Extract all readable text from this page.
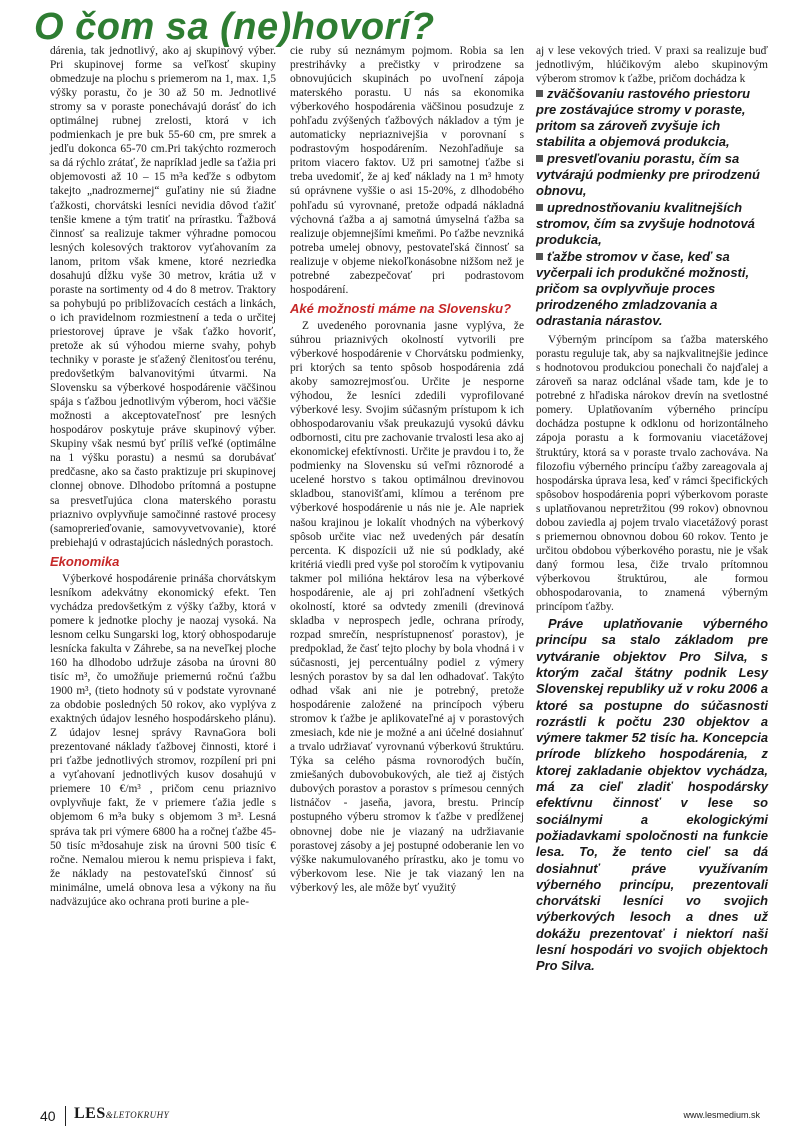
O čom sa (ne)hovorí?

dárenia, tak jednotlivý, ako aj skupinový výber. Pri skupinovej forme sa veľkosť skupiny obmedzuje na plochu s priemerom na 1, max. 1,5 výšky porastu, čo je 30 až 50 m. Jednotlivé stromy sa v poraste ponechávajú dorásť do ich optimálnej rubnej zrelosti, ktorá v ich podmienkach je pre buk 55-60 cm, pre smrek a jedľu dokonca 65-70 cm.Pri takýchto rozmeroch sa dá rýchlo zrátať, že napríklad jedle sa ťažia pri objemovosti až 10 – 15 m³a keďže s odbytom takejto „nadrozmernej“ guľatiny nie sú žiadne ťažkosti, chorvátski lesníci nevidia dôvod ťažiť tenšie kmene a tým tratiť na prírastku. Ťažbová činnosť sa realizuje takmer výhradne pomocou lesných kolesových traktorov vyťahovaním za lanom, pritom však kmene, ktoré nezriedka dosahujú dĺžku vyše 30 metrov, krátia už v poraste na sortimenty od 4 do 8 metrov. Traktory sa pohybujú po približovacích cestách a linkách, o ich pravidelnom rozmiestnení a teda o určitej priestorovej úprave je však ťažko hovoriť, pretože ak sú výhodou mierne svahy, pohyb techniky v poraste je sťažený členitosťou terénu, predovšetkým balvanovitými útvarmi. Na Slovensku sa výberkové hospodárenie väčšinou spája s ťažbou jednotlivým výberom, hoci väčšie možnosti a akceptovateľnosť pre lesných hospodárov poskytuje práve skupinový výber. Skupiny však nesmú byť príliš veľké (optimálne na 1 výšku porastu) a nesmú sa dorubávať predčasne, ako sa často praktizuje pri skupinovej clonnej obnove. Dlhodobo prítomná a postupne sa presvetľujúca clona materského porastu priaznivo ovplyvňuje samočinné rastové procesy (samoprerieďovanie, samovyvetvovanie), ktoré prebiehajú v odrastajúcich následných porastoch.

Ekonomika

Výberkové hospodárenie prináša chorvátskym lesníkom adekvátny ekonomický efekt. Ten vychádza predovšetkým z výšky ťažby, ktorá v pomere k jednotke plochy je naozaj vysoká. Na lesnom celku Sungarski log, ktorý obhospodaruje lesnícka fakulta v Záhrebe, sa na neveľkej ploche 160 ha dlhodobo udržuje zásoba na úrovni 80 tisíc m³, čo umožňuje priemernú ročnú ťažbu 1900 m³, (tieto hodnoty sú v podstate vyrovnané za obdobie posledných 50 rokov, ako vyplýva z exaktných údajov lesného hospodárskeho plánu). Z údajov lesnej správy RavnaGora boli prezentované náklady ťažbovej činnosti, ktoré i pri ťažbe jednotlivých stromov, rozpílení pri pni a vyťahovaní jednotlivých kusov dosahujú v priemere 10 €/m³ , pričom cenu priaznivo ovplyvňuje fakt, že v priemere ťažia jedle s objemom 6 m³a buky s objemom 3 m³. Lesná správa tak pri výmere 6800 ha a ročnej ťažbe 45-50 tisíc m³dosahuje zisk na úrovni 500 tisíc € ročne. Nemalou mierou k nemu prispieva i fakt, že náklady na pestovateľskú činnosť sú minimálne, umelá obnova lesa a výkony na ňu nadväzujúce ako ochrana proti burine a ple-

cie ruby sú neznámym pojmom. Robia sa len prestrihávky a prečistky v prirodzene sa obnovujúcich skupinách po uvoľnení zápoja materského porastu. U nás sa ekonomika výberkového hospodárenia väčšinou posudzuje z pohľadu zvýšených ťažbových nákladov a tým je automaticky nepriaznivejšia v porovnaní s podrastovým hospodárením. Nezohľadňuje sa pritom viacero faktov. Už pri samotnej ťažbe si treba uvedomiť, že aj keď náklady na 1 m³ hmoty sú oprávnene vyššie o asi 15-20%, z dlhodobého pohľadu sú vyrovnané, pretože odpadá nákladná výchovná ťažba a aj samotná úmyselná ťažba sa realizuje objemnejšími kmeňmi. Po ťažbe nevzniká potreba umelej obnovy, pestovateľská činnosť sa realizuje v objeme niekoľkonásobne nižšom než je potrebné zabezpečovať pri podrastovom hospodárení.

Aké možnosti máme na Slovensku?

Z uvedeného porovnania jasne vyplýva, že súhrou priaznivých okolností vytvorili pre výberkové hospodárenie v Chorvátsku podmienky, pri ktorých sa tento spôsob hospodárenia zdá akoby samozrejmosťou. Určite je nesporne výhodou, že lesníci zdedili vyprofilované výberkové lesy. Svojim súčasným prístupom k ich obhospodarovaniu však preukazujú vysokú dávku odbornosti, citu pre zachovanie trvalosti lesa ako aj ekonomickej efektívnosti. Určite je pravdou i to, že podmienky na Slovensku sú veľmi rôznorodé a ucelené horstvo s takou optimálnou drevinovou skladbou, stanovišťami, klímou a terénom pre výberkové hospodárenie u nás nie je. Ale napriek našou krajinou je lokalít vhodných na výberkový spôsob určite viac než uvedených pár desatín percenta. K dispozícii už nie sú podklady, aké kritériá viedli pred vyše pol storočím k vytipovaniu takmer pol milióna hektárov lesa na výberkové hospodárenie, ale aj pri zohľadnení všetkých okolností, ktoré sa odvtedy zmenili (drevinová skladba v neprospech jedle, ochrana prírody, rozpad smrečín, nesprístupnenosť porastov), je predpoklad, že časť tejto plochy by bola vhodná i v súčasnosti, jej percentuálny podiel z výmery lesných porastov by sa dal len odhadovať. Takýto odhad však ani nie je potrebný, pretože hospodárenie založené na princípoch výberu stromov k ťažbe je aplikovateľné aj v porastových zmesiach, kde nie je možné a ani účelné dosiahnuť a trvalo udržiavať vyrovnanú výberkovú štruktúru. Týka sa celého pásma rovnorodých bučín, zmiešaných dubovobukových, ale tiež aj čistých dubových porastov a porastov s prímesou cenných listnáčov - jaseňa, javora, brestu. Princíp postupného výberu stromov k ťažbe v predĺženej obnovnej dobe nie je viazaný na udržiavanie porastovej zásoby a jej postupné odoberanie len vo výške nakumulovaného prírastku, ako je tomu vo výberkovom lese. Nie je tak viazaný len na výberkový les, ale môže byť využitý

aj v lese vekových tried. V praxi sa realizuje buď jednotlivým, hlúčikovým alebo skupinovým výberom stromov k ťažbe, pričom dochádza k

zväčšovaniu rastového priestoru pre zostávajúce stromy v poraste, pritom sa zároveň zvyšuje ich stabilita a objemová produkcia,
presvetľovaniu porastu, čím sa vytvárajú podmienky pre prirodzenú obnovu,
uprednostňovaniu kvalitnejších stromov, čím sa zvyšuje hodnotová produkcia,
ťažbe stromov v čase, keď sa vyčerpali ich produkčné možnosti, pričom sa ovplyvňuje proces prirodzeného zmladzovania a odrastania nárastov.

Výberným princípom sa ťažba materského porastu reguluje tak, aby sa najkvalitnejšie jedince s hodnotovou produkciou ponechali čo najďalej a zároveň sa naraz odclánal všade tam, kde je to potrebné z hľadiska nárokov drevín na svetlostné pomery. Uplatňovaním výberného princípu dochádza postupne k odklonu od horizontálneho zápoja porastu a k formovaniu viacetážovej štruktúry, ktorá sa v poraste trvalo zachováva. Na filozofiu výberného princípu ťažby zareagovala aj hospodárska úprava lesa, keď v rámci špecifických spôsobov hospodárenia popri výberkovom poraste s uplatňovanou nepretržitou (99 rokov) obnovnou dobou zaviedla aj pojem trvalo viacetážový porast s priemernou obnovnou dobou 60 rokov. Tento je určitou obdobou výberkového porastu, nie je však daný formou lesa, čiže trvalo prítomnou výberkovou štruktúrou, ale formou obhospodarovania, to znamená výberným princípom ťažby.

Práve uplatňovanie výberného princípu sa stalo základom pre vytváranie objektov Pro Silva, s ktorým začal štátny podnik Lesy Slovenskej republiky už v roku 2006 a ktoré sa postupne do súčasnosti rozrástli k počtu 230 objektov a výmere takmer 52 tisíc ha. Koncepcia prírode blízkeho hospodárenia, z ktorej zakladanie objektov vychádza, má za cieľ zladiť hospodársky efektívnu činnosť v lese so sociálnymi a ekologickými požiadavkami spoločnosti na funkcie lesa. To, že tento cieľ sa dá dosiahnuť práve využívaním výberného princípu, prezentovali chorvátski lesníci vo svojich výberkových lesoch a dnes už dokážu prezentovať i niektorí naši lesní hospodári vo svojich objektoch Pro Silva.
40 LES&LETOKRUHY	www.lesmedium.sk
